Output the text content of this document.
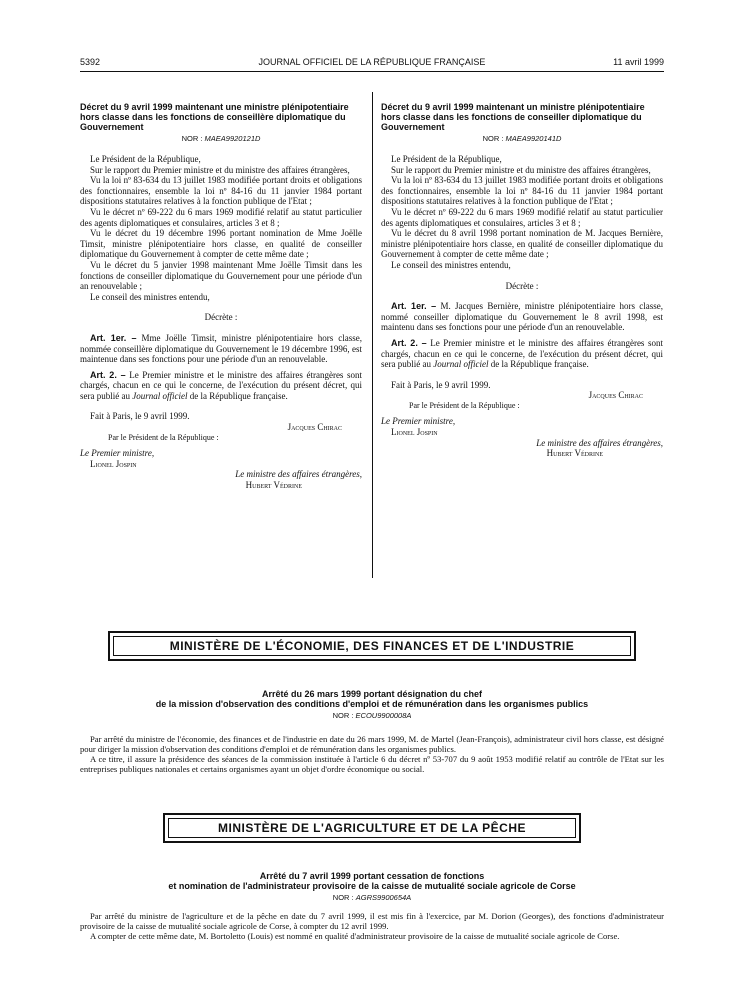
5392	JOURNAL OFFICIEL DE LA RÉPUBLIQUE FRANÇAISE	11 avril 1999
Décret du 9 avril 1999 maintenant une ministre plénipotentiaire hors classe dans les fonctions de conseillère diplomatique du Gouvernement
NOR : MAEA9920121D

Le Président de la République,

Sur le rapport du Premier ministre et du ministre des affaires étrangères,

Vu la loi nº 83-634 du 13 juillet 1983 modifiée portant droits et obligations des fonctionnaires, ensemble la loi nº 84-16 du 11 janvier 1984 portant dispositions statutaires relatives à la fonction publique de l'Etat ;

Vu le décret nº 69-222 du 6 mars 1969 modifié relatif au statut particulier des agents diplomatiques et consulaires, articles 3 et 8 ;

Vu le décret du 19 décembre 1996 portant nomination de Mme Joëlle Timsit, ministre plénipotentiaire hors classe, en qualité de conseiller diplomatique du Gouvernement à compter de cette même date ;

Vu le décret du 5 janvier 1998 maintenant Mme Joëlle Timsit dans les fonctions de conseiller diplomatique du Gouvernement pour une période d'un an renouvelable ;

Le conseil des ministres entendu,

Décrète :

Art. 1er. – Mme Joëlle Timsit, ministre plénipotentiaire hors classe, nommée conseillère diplomatique du Gouvernement le 19 décembre 1996, est maintenue dans ses fonctions pour une période d'un an renouvelable.

Art. 2. – Le Premier ministre et le ministre des affaires étrangères sont chargés, chacun en ce qui le concerne, de l'exécution du présent décret, qui sera publié au Journal officiel de la République française.

Fait à Paris, le 9 avril 1999.

Jacques Chirac
Par le Président de la République :
Le Premier ministre,
Lionel Jospin
Le ministre des affaires étrangères,
Hubert Védrine
Décret du 9 avril 1999 maintenant un ministre plénipotentiaire hors classe dans les fonctions de conseiller diplomatique du Gouvernement
NOR : MAEA9920141D

Le Président de la République,

Sur le rapport du Premier ministre et du ministre des affaires étrangères,

Vu la loi nº 83-634 du 13 juillet 1983 modifiée portant droits et obligations des fonctionnaires, ensemble la loi nº 84-16 du 11 janvier 1984 portant dispositions statutaires relatives à la fonction publique de l'Etat ;

Vu le décret nº 69-222 du 6 mars 1969 modifié relatif au statut particulier des agents diplomatiques et consulaires, articles 3 et 8 ;

Vu le décret du 8 avril 1998 portant nomination de M. Jacques Bernière, ministre plénipotentiaire hors classe, en qualité de conseiller diplomatique du Gouvernement à compter de cette même date ;

Le conseil des ministres entendu,

Décrète :

Art. 1er. – M. Jacques Bernière, ministre plénipotentiaire hors classe, nommé conseiller diplomatique du Gouvernement le 8 avril 1998, est maintenu dans ses fonctions pour une période d'un an renouvelable.

Art. 2. – Le Premier ministre et le ministre des affaires étrangères sont chargés, chacun en ce qui le concerne, de l'exécution du présent décret, qui sera publié au Journal officiel de la République française.

Fait à Paris, le 9 avril 1999.

Jacques Chirac
Par le Président de la République :
Le Premier ministre,
Lionel Jospin
Le ministre des affaires étrangères,
Hubert Védrine
MINISTÈRE DE L'ÉCONOMIE, DES FINANCES ET DE L'INDUSTRIE
Arrêté du 26 mars 1999 portant désignation du chef
de la mission d'observation des conditions d'emploi et de rémunération dans les organismes publics
NOR : ECOU9900008A

Par arrêté du ministre de l'économie, des finances et de l'industrie en date du 26 mars 1999, M. de Martel (Jean-François), administrateur civil hors classe, est désigné pour diriger la mission d'observation des conditions d'emploi et de rémunération dans les organismes publics.

A ce titre, il assure la présidence des séances de la commission instituée à l'article 6 du décret nº 53-707 du 9 août 1953 modifié relatif au contrôle de l'Etat sur les entreprises publiques nationales et certains organismes ayant un objet d'ordre économique ou social.

MINISTÈRE DE L'AGRICULTURE ET DE LA PÊCHE
Arrêté du 7 avril 1999 portant cessation de fonctions
et nomination de l'administrateur provisoire de la caisse de mutualité sociale agricole de Corse
NOR : AGRS9900654A

Par arrêté du ministre de l'agriculture et de la pêche en date du 7 avril 1999, il est mis fin à l'exercice, par M. Dorion (Georges), des fonctions d'administrateur provisoire de la caisse de mutualité sociale agricole de Corse, à compter du 12 avril 1999.

A compter de cette même date, M. Bortoletto (Louis) est nommé en qualité d'administrateur provisoire de la caisse de mutualité sociale agricole de Corse.
